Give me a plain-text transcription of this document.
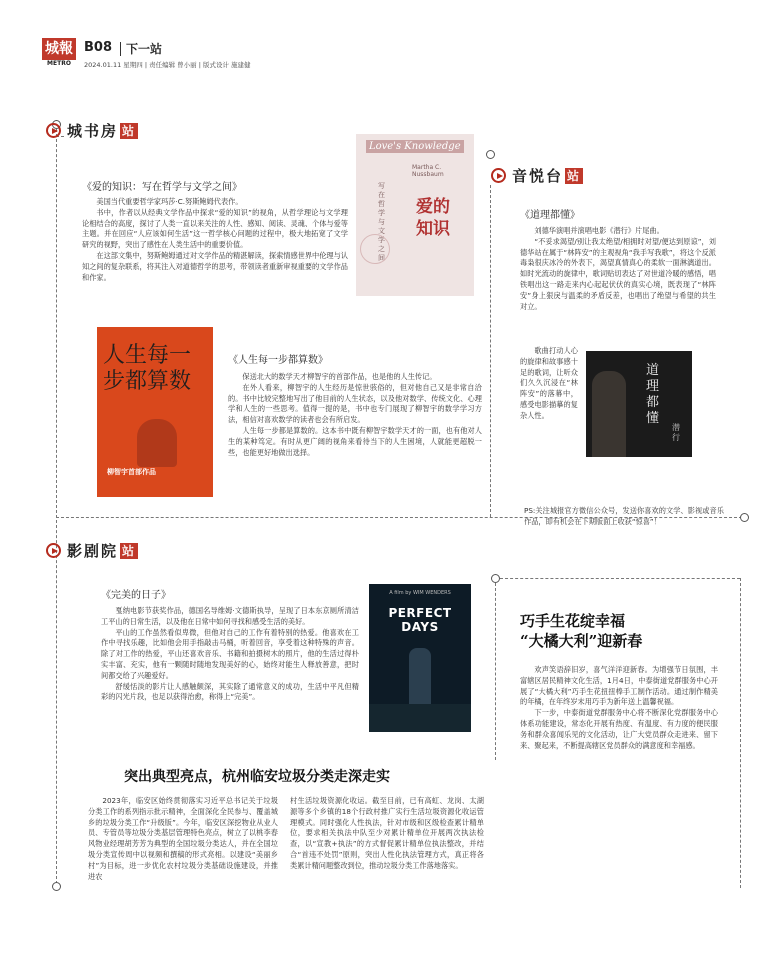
城報
METRO
B08 下一站
2024.01.11 星期四 | 责任编辑 曾小丽 | 版式设计 施建健
城书房 站
《爱的知识：写在哲学与文学之间》

美国当代重要哲学家玛莎·C.努斯鲍姆代表作。

书中，作者以从经典文学作品中探求“爱的知识”的视角，从哲学理论与文学理论相结合的高度，探讨了人类一直以来关注的人性、感知、阅读、灵魂、个体与爱等主题。并在回应“人应该如何生活”这一哲学核心问题的过程中，极大地拓宽了文学研究的视野，突出了感性在人类生活中的重要价值。

在这部文集中，努斯鲍姆通过对文学作品的精湛解读，探索情感世界中伦理与认知之间的复杂联系，将其注入对道德哲学的思考，带领读者重新审视重要的文学作品和作家。

Love's Knowledge
Martha C. Nussbaum
爱的知识
写在哲学与文学之间
人生每一步都算数
柳智宇首部作品
《人生每一步都算数》

保送北大的数学天才柳智宇的首部作品，也是他的人生传记。

在外人看来，柳智宇的人生经历是惊世骇俗的，但对他自己又是非常自洽的。书中比较完整地写出了他目前的人生状态，以及他对数学、传统文化、心理学和人生的一些思考。值得一提的是，书中也专门展现了柳智宇的数学学习方法，相信对喜欢数学的读者也会有所启发。

人生每一步都是算数的。这本书中既有柳智宇数学天才的一面，也有他对人生的某种笃定。有时从更广阔的视角来看待当下的人生困境，人就能更超脱一些，也能更好地做出选择。

音悦台 站
《道理都懂》

刘德华演唱并演唱电影《潜行》片尾曲。

“不妥求渴望/别让我太绝望/相拥时对望/便达到原谅”，刘德华站在属于“林阵安”的主观视角“我手写我歌”，将这个反派毒枭很庆冰冷的外表下，渴望真情真心的柔软一面淋漓道出。如时光流动的旋律中，歌词贴切表达了对世道冷暖的感悟，唱铁唱出这一路走来内心起起伏伏的真实心境，既表现了“林阵安”身上狠戾与温柔的矛盾反差，也唱出了绝望与希望的共生对立。

歌曲打动人心的旋律和故事感十足的歌词，让听众们久久沉浸在“林阵安”的落幕中，感受电影描摹的复杂人性。

道理都懂
潜行
PS:关注城报官方微信公众号，发送你喜欢的文学、影视或音乐作品，即有机会在下期版面上收获“惊喜”！
影剧院 站
《完美的日子》

戛纳电影节获奖作品，德国名导维姆·文德斯执导，呈现了日本东京厕所清洁工平山的日常生活，以及他在日常中如何寻找和感受生活的美好。

平山的工作虽然看似卑微，但他对自己的工作有着特别的热爱。他喜欢在工作中寻找乐趣，比如他会用手指敲击马桶，听着回音，享受着这种特殊的声音。除了对工作的热爱，平山还喜欢音乐、书籍和拍摄树木的照片，他的生活过得朴实丰富、充实，他有一颗随时随地发现美好的心，始终对能生人释放善意，把时间都交给了兴趣爱好。

舒缓恬淡的影片让人感触颇深，其实除了通常意义的成功，生活中平凡但精彩的闪光片段，也足以获得治愈，称得上“完美”。

A film by WIM WENDERS
PERFECT DAYS	巧手生花绽幸福
“大橘大利”迎新春

欢声笑语辞旧岁，喜气洋洋迎新春。为增强节日氛围，丰富辖区居民精神文化生活，1月4日，中泰街道党群服务中心开展了“大橘大利”巧手生花扭扭棒手工制作活动。通过制作精美的年橘，在年终岁末用巧手为新年送上温馨祝福。

下一步，中泰街道党群服务中心将不断深化党群服务中心体系功能建设，常态化开展有热度、有温度、有力度的便民服务和群众喜闻乐见的文化活动，让广大党员群众走进来、留下来、聚起来，不断提高辖区党员群众的满意度和幸福感。

突出典型亮点，杭州临安垃圾分类走深走实

2023年，临安区始终贯彻落实习近平总书记关于垃圾分类工作的系列指示批示精神，全面深化全民参与、覆盖城乡的垃圾分类工作“升级版”。今年，临安区深挖物业从业人员、专管员等垃圾分类基层管理特色亮点，树立了以桃李春风物业经理胡芳芳为典型的全国垃圾分类达人，并在全国垃圾分类宣传周中以视频和撰稿的形式亮相。以建设“美丽乡村”为目标，进一步优化农村垃圾分类基础设施建设，并推进农

村生活垃圾资源化收运。截至目前，已有高虹、龙岗、太湖源等多个乡镇的18个行政村推广实行生活垃圾资源化收运管理模式。同时强化人性执法，针对市级和区级检查累计精单位，要求相关执法中队至少对累计精单位开展两次执法检查，以“宣教+执法”的方式督促累计精单位执法整改，并结合“首违不处罚”原则，突出人性化执法管理方式，真正将各类累计精问题整改到位，推动垃圾分类工作落地落实。
